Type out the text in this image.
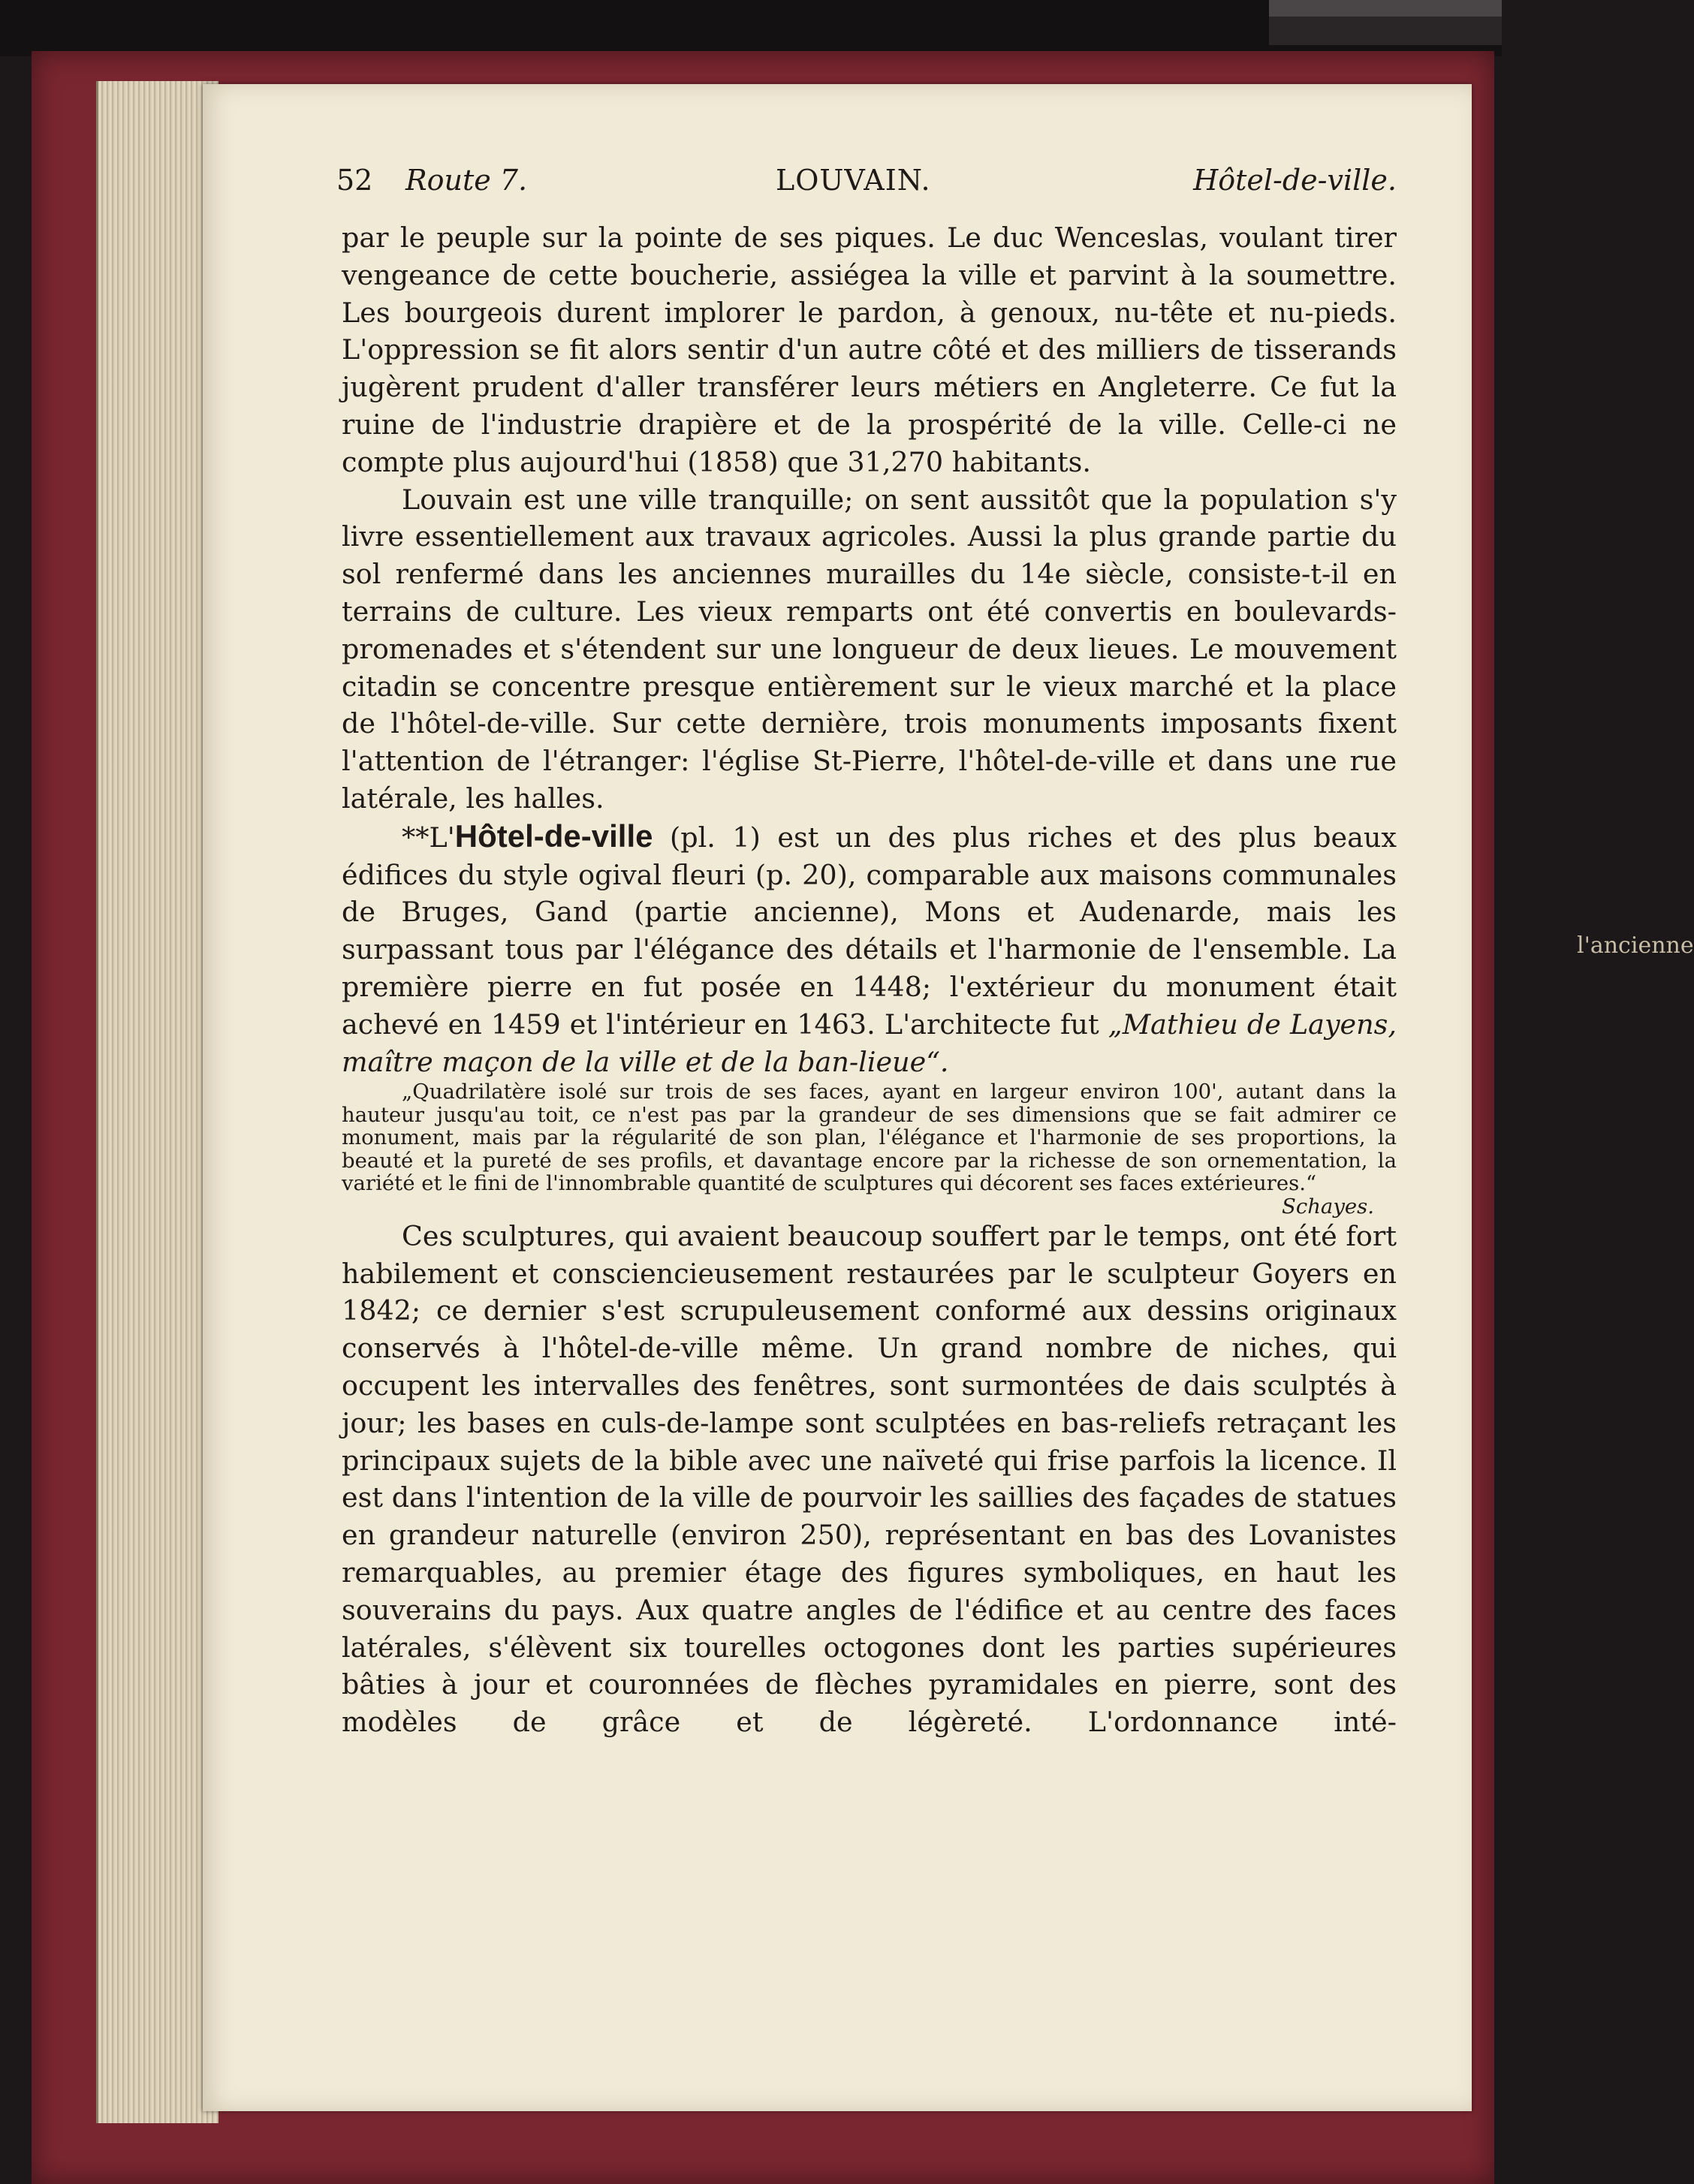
l'ancienne
52 Route 7.	LOUVAIN.	Hôtel-de-ville.

par le peuple sur la pointe de ses piques. Le duc Wenceslas, voulant tirer vengeance de cette boucherie, assiégea la ville et parvint à la soumettre. Les bourgeois durent implorer le pardon, à genoux, nu-tête et nu-pieds. L'oppression se fit alors sentir d'un autre côté et des milliers de tisserands jugèrent prudent d'aller transférer leurs métiers en Angleterre. Ce fut la ruine de l'industrie drapière et de la prospérité de la ville. Celle-ci ne compte plus aujourd'hui (1858) que 31,270 habitants.

Louvain est une ville tranquille; on sent aussitôt que la population s'y livre essentiellement aux travaux agricoles. Aussi la plus grande partie du sol renfermé dans les anciennes murailles du 14e siècle, consiste-t-il en terrains de culture. Les vieux remparts ont été convertis en boulevards-promenades et s'étendent sur une longueur de deux lieues. Le mouvement citadin se concentre presque entièrement sur le vieux marché et la place de l'hôtel-de-ville. Sur cette dernière, trois monuments imposants fixent l'attention de l'étranger: l'église St-Pierre, l'hôtel-de-ville et dans une rue latérale, les halles.

**L'Hôtel-de-ville (pl. 1) est un des plus riches et des plus beaux édifices du style ogival fleuri (p. 20), comparable aux maisons communales de Bruges, Gand (partie ancienne), Mons et Audenarde, mais les surpassant tous par l'élégance des détails et l'harmonie de l'ensemble. La première pierre en fut posée en 1448; l'extérieur du monument était achevé en 1459 et l'intérieur en 1463. L'architecte fut „Mathieu de Layens, maître maçon de la ville et de la ban-lieue“.

„Quadrilatère isolé sur trois de ses faces, ayant en largeur environ 100', autant dans la hauteur jusqu'au toit, ce n'est pas par la grandeur de ses dimensions que se fait admirer ce monument, mais par la régularité de son plan, l'élégance et l'harmonie de ses proportions, la beauté et la pureté de ses profils, et davantage encore par la richesse de son ornementation, la variété et le fini de l'innombrable quantité de sculptures qui décorent ses faces extérieures.“

Schayes.

Ces sculptures, qui avaient beaucoup souffert par le temps, ont été fort habilement et consciencieusement restaurées par le sculpteur Goyers en 1842; ce dernier s'est scrupuleusement conformé aux dessins originaux conservés à l'hôtel-de-ville même. Un grand nombre de niches, qui occupent les intervalles des fenêtres, sont surmontées de dais sculptés à jour; les bases en culs-de-lampe sont sculptées en bas-reliefs retraçant les principaux sujets de la bible avec une naïveté qui frise parfois la licence. Il est dans l'intention de la ville de pourvoir les saillies des façades de statues en grandeur naturelle (environ 250), représentant en bas des Lovanistes remarquables, au premier étage des figures symboliques, en haut les souverains du pays. Aux quatre angles de l'édifice et au centre des faces latérales, s'élèvent six tourelles octogones dont les parties supérieures bâties à jour et couronnées de flèches pyramidales en pierre, sont des modèles de grâce et de légèreté. L'ordonnance inté-
